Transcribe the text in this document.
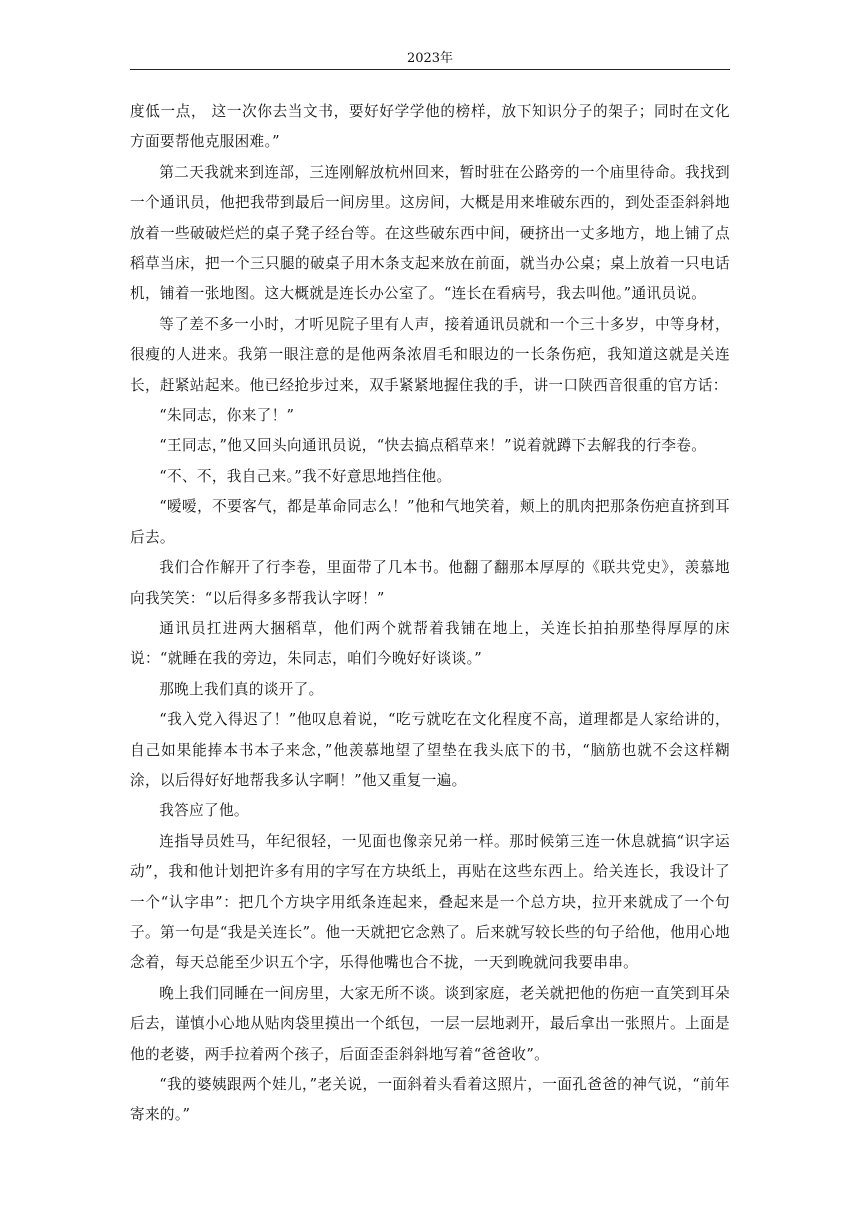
2023年

度低一点， 这一次你去当文书，要好好学学他的榜样，放下知识分子的架子；同时在文化方面要帮他克服困难。”

第二天我就来到连部，三连刚解放杭州回来，暂时驻在公路旁的一个庙里待命。我找到一个通讯员，他把我带到最后一间房里。这房间，大概是用来堆破东西的，到处歪歪斜斜地放着一些破破烂烂的桌子凳子经台等。在这些破东西中间，硬挤出一丈多地方，地上铺了点稻草当床，把一个三只腿的破桌子用木条支起来放在前面，就当办公桌；桌上放着一只电话机，铺着一张地图。这大概就是连长办公室了。“连长在看病号，我去叫他。”通讯员说。

等了差不多一小时，才听见院子里有人声，接着通讯员就和一个三十多岁，中等身材，很瘦的人进来。我第一眼注意的是他两条浓眉毛和眼边的一长条伤疤，我知道这就是关连长，赶紧站起来。他已经抢步过来，双手紧紧地握住我的手，讲一口陕西音很重的官方话：

“朱同志，你来了！”

“王同志，”他又回头向通讯员说，“快去搞点稻草来！”说着就蹲下去解我的行李卷。

“不、不，我自己来。”我不好意思地挡住他。

“嗳嗳，不要客气，都是革命同志么！”他和气地笑着，颊上的肌肉把那条伤疤直挤到耳后去。

我们合作解开了行李卷，里面带了几本书。他翻了翻那本厚厚的《联共党史》，羡慕地向我笑笑：“以后得多多帮我认字呀！”

通讯员扛进两大捆稻草，他们两个就帮着我铺在地上，关连长拍拍那垫得厚厚的床说：“就睡在我的旁边，朱同志，咱们今晚好好谈谈。”

那晚上我们真的谈开了。

“我入党入得迟了！”他叹息着说，“吃亏就吃在文化程度不高，道理都是人家给讲的，自己如果能捧本书本子来念，”他羡慕地望了望垫在我头底下的书，“脑筋也就不会这样糊涂，以后得好好地帮我多认字啊！”他又重复一遍。

我答应了他。

连指导员姓马，年纪很轻，一见面也像亲兄弟一样。那时候第三连一休息就搞“识字运动”，我和他计划把许多有用的字写在方块纸上，再贴在这些东西上。给关连长，我设计了一个“认字串”：把几个方块字用纸条连起来，叠起来是一个总方块，拉开来就成了一个句子。第一句是“我是关连长”。他一天就把它念熟了。后来就写较长些的句子给他，他用心地念着，每天总能至少识五个字，乐得他嘴也合不拢，一天到晚就问我要串串。

晚上我们同睡在一间房里，大家无所不谈。谈到家庭，老关就把他的伤疤一直笑到耳朵后去，谨慎小心地从贴肉袋里摸出一个纸包，一层一层地剥开，最后拿出一张照片。上面是他的老婆，两手拉着两个孩子，后面歪歪斜斜地写着“爸爸收”。

“我的婆姨跟两个娃儿，”老关说，一面斜着头看着这照片，一面孔爸爸的神气说，“前年寄来的。”
